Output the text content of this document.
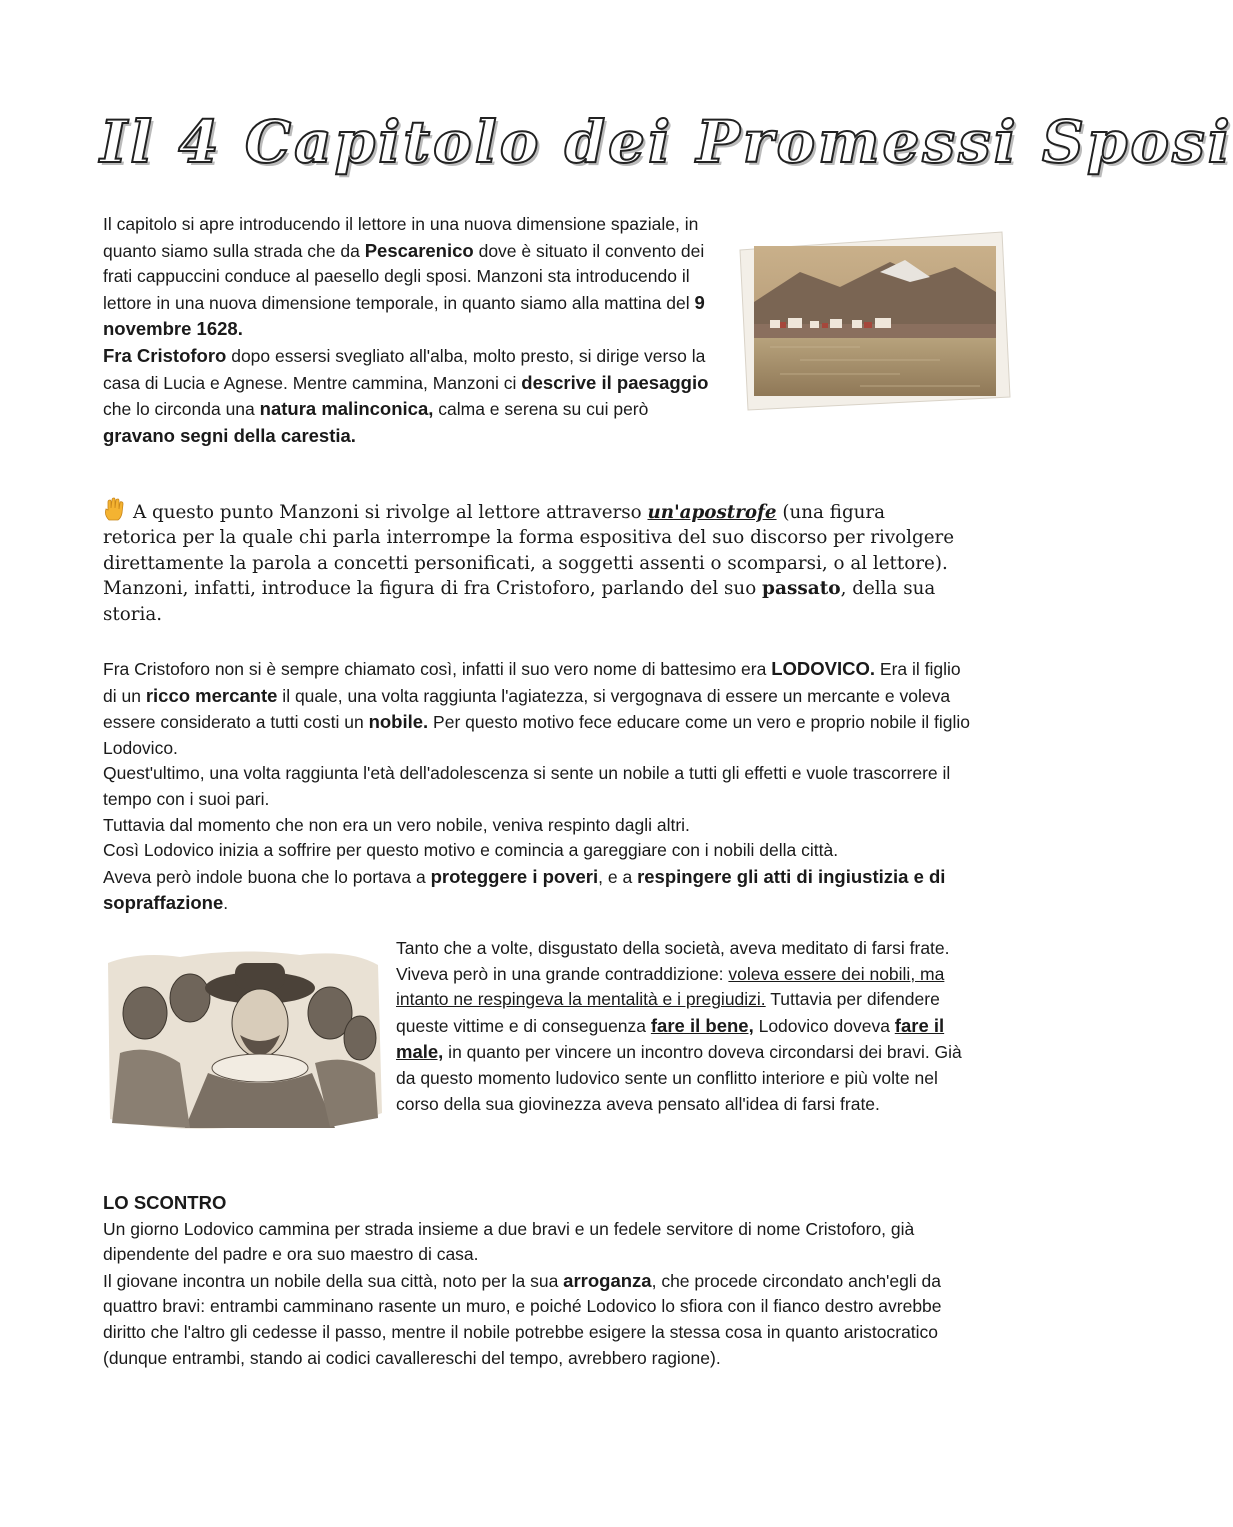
Il 4 Capitolo dei Promessi Sposi
Il capitolo si apre introducendo il lettore in una nuova dimensione spaziale, in quanto siamo sulla strada che da Pescarenico dove è situato il convento dei frati cappuccini conduce al paesello degli sposi. Manzoni sta introducendo il lettore in una nuova dimensione temporale, in quanto siamo alla mattina del 9 novembre 1628.
Fra Cristoforo dopo essersi svegliato all'alba, molto presto, si dirige verso la casa di Lucia e Agnese. Mentre cammina, Manzoni ci descrive il paesaggio che lo circonda una natura malinconica, calma e serena su cui però gravano segni della carestia.
A questo punto Manzoni si rivolge al lettore attraverso un'apostrofe (una figura retorica per la quale chi parla interrompe la forma espositiva del suo discorso per rivolgere direttamente la parola a concetti personificati, a soggetti assenti o scomparsi, o al lettore). Manzoni, infatti, introduce la figura di fra Cristoforo, parlando del suo passato, della sua storia.
Fra Cristoforo non si è sempre chiamato così, infatti il suo vero nome di battesimo era LODOVICO. Era il figlio di un ricco mercante il quale, una volta raggiunta l'agiatezza, si vergognava di essere un mercante e voleva essere considerato a tutti costi un nobile. Per questo motivo fece educare come un vero e proprio nobile il figlio Lodovico.
Quest'ultimo, una volta raggiunta l'età dell'adolescenza si sente un nobile a tutti gli effetti e vuole trascorrere il tempo con i suoi pari.
Tuttavia dal momento che non era un vero nobile, veniva respinto dagli altri.
Così Lodovico inizia a soffrire per questo motivo e comincia a gareggiare con i nobili della città.
Aveva però indole buona che lo portava a proteggere i poveri, e a respingere gli atti di ingiustizia e di sopraffazione.
Tanto che a volte, disgustato della società, aveva meditato di farsi frate. Viveva però in una grande contraddizione: voleva essere dei nobili, ma intanto ne respingeva la mentalità e i pregiudizi. Tuttavia per difendere queste vittime e di conseguenza fare il bene, Lodovico doveva fare il male, in quanto per vincere un incontro doveva circondarsi dei bravi. Già da questo momento ludovico sente un conflitto interiore e più volte nel corso della sua giovinezza aveva pensato all'idea di farsi frate.
LO SCONTRO
Un giorno Lodovico cammina per strada insieme a due bravi e un fedele servitore di nome Cristoforo, già dipendente del padre e ora suo maestro di casa.
Il giovane incontra un nobile della sua città, noto per la sua arroganza, che procede circondato anch'egli da quattro bravi: entrambi camminano rasente un muro, e poiché Lodovico lo sfiora con il fianco destro avrebbe diritto che l'altro gli cedesse il passo, mentre il nobile potrebbe esigere la stessa cosa in quanto aristocratico (dunque entrambi, stando ai codici cavallereschi del tempo, avrebbero ragione).
